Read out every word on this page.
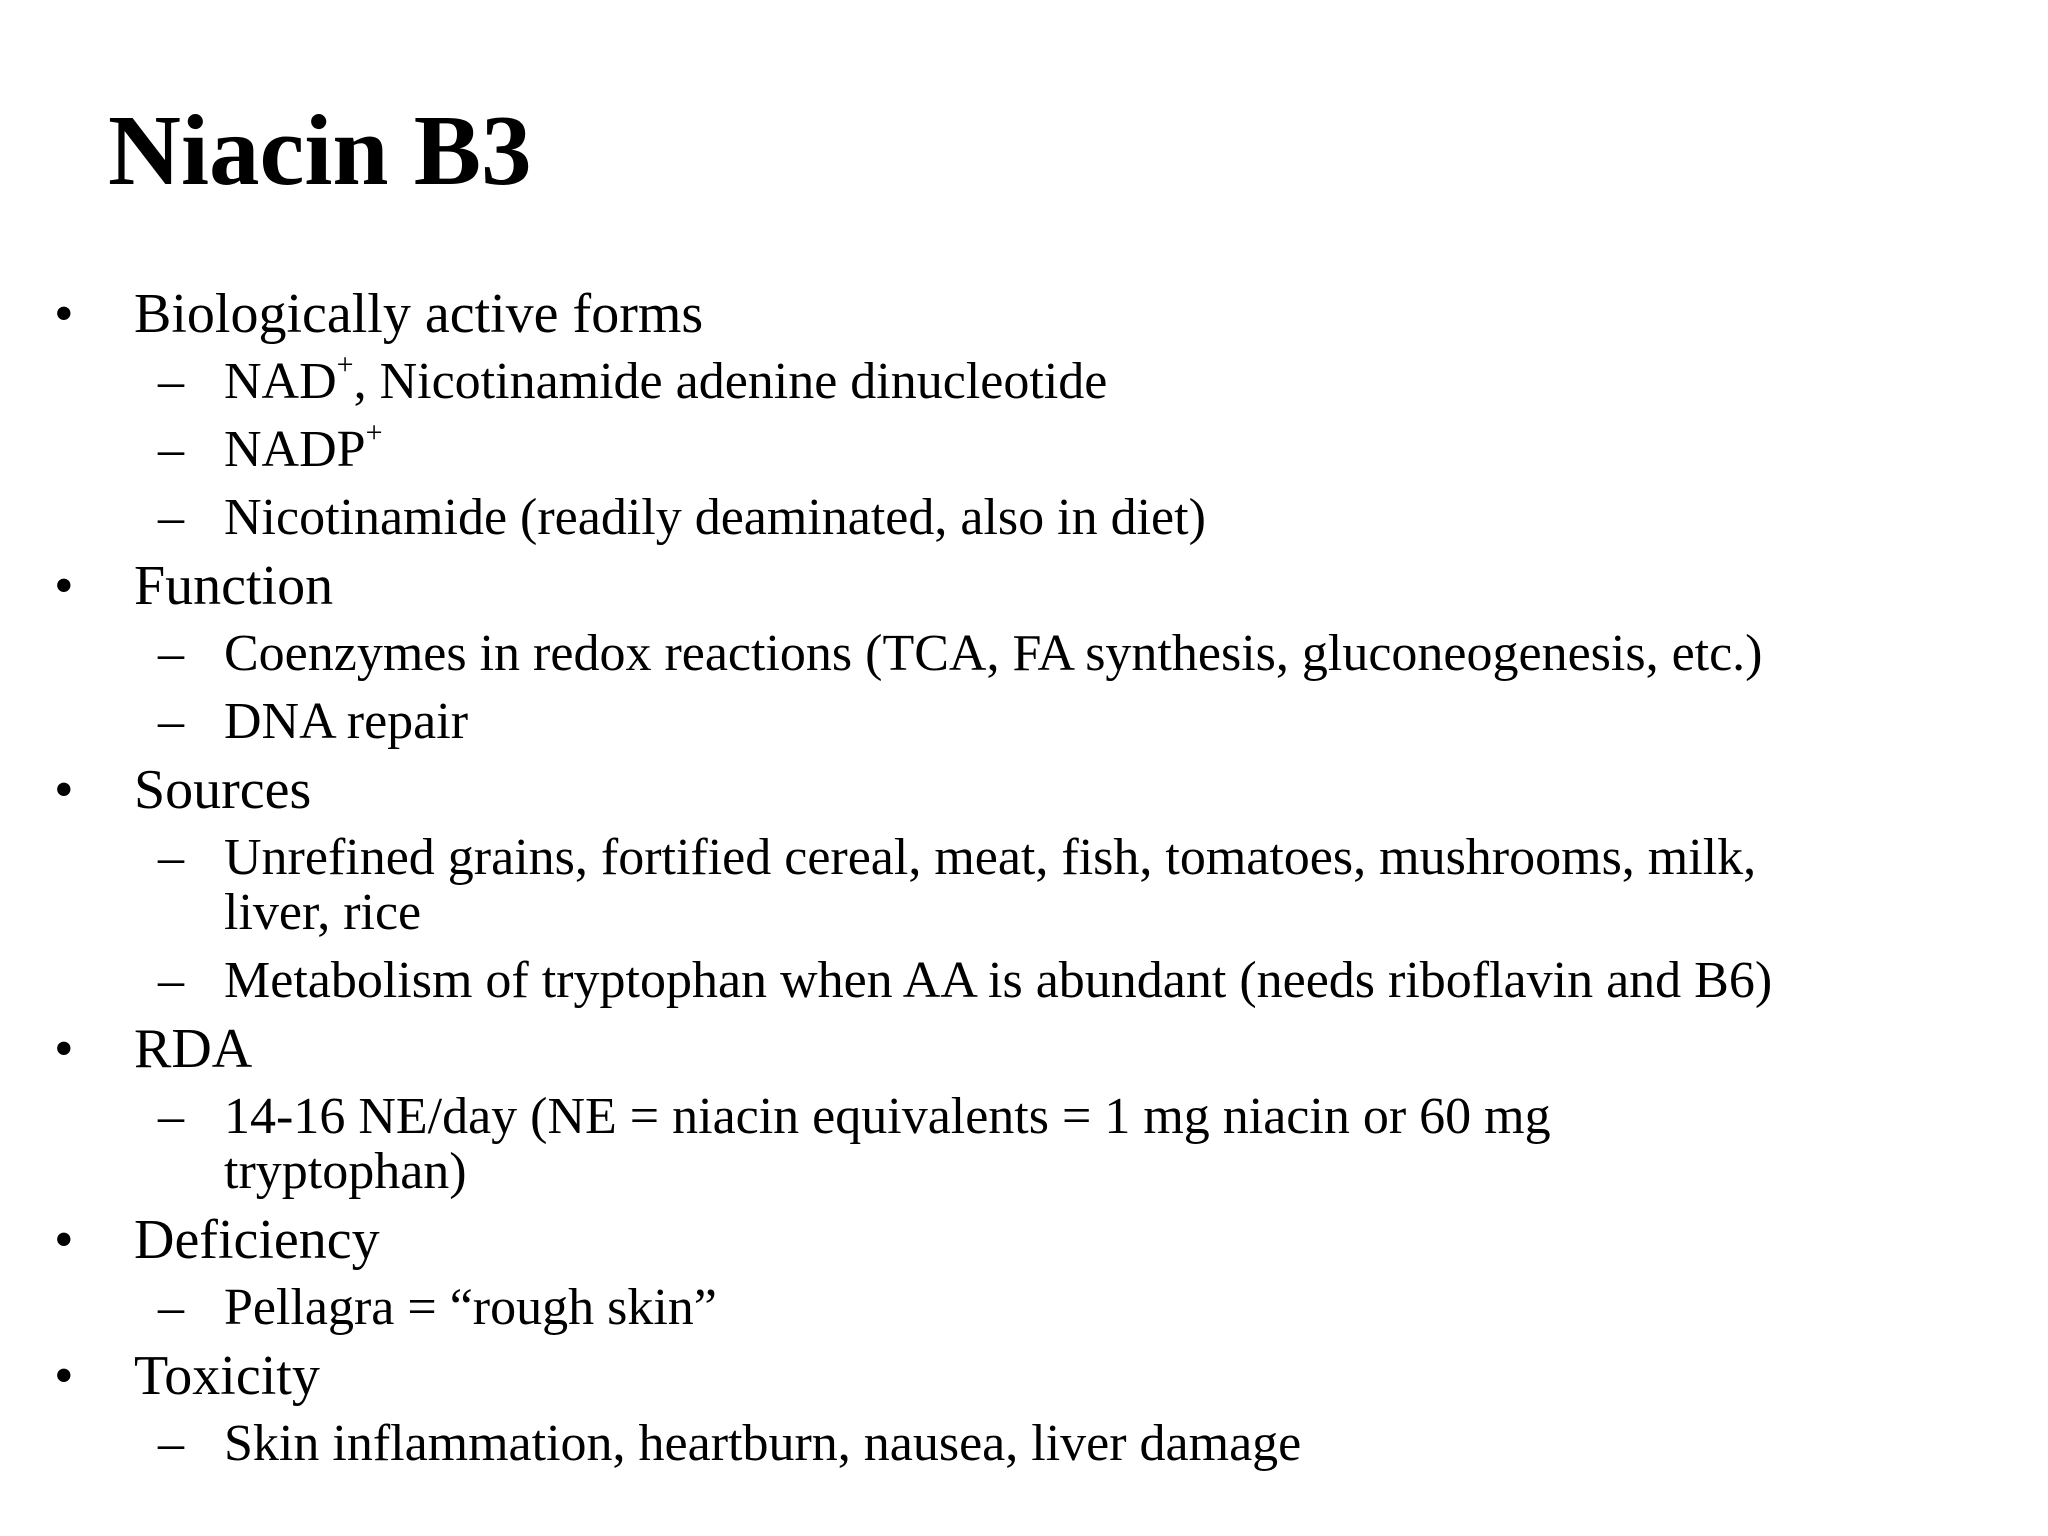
Niacin B3
• Biologically active forms
– NAD+, Nicotinamide adenine dinucleotide
– NADP+
– Nicotinamide (readily deaminated, also in diet)
• Function
– Coenzymes in redox reactions (TCA, FA synthesis, gluconeogenesis, etc.)
– DNA repair
• Sources
– Unrefined grains, fortified cereal, meat, fish, tomatoes, mushrooms, milk,
liver, rice
– Metabolism of tryptophan when AA is abundant (needs riboflavin and B6)
• RDA
– 14-16 NE/day (NE = niacin equivalents = 1 mg niacin or 60 mg
tryptophan)
• Deficiency
– Pellagra = “rough skin”
• Toxicity
– Skin inflammation, heartburn, nausea, liver damage
